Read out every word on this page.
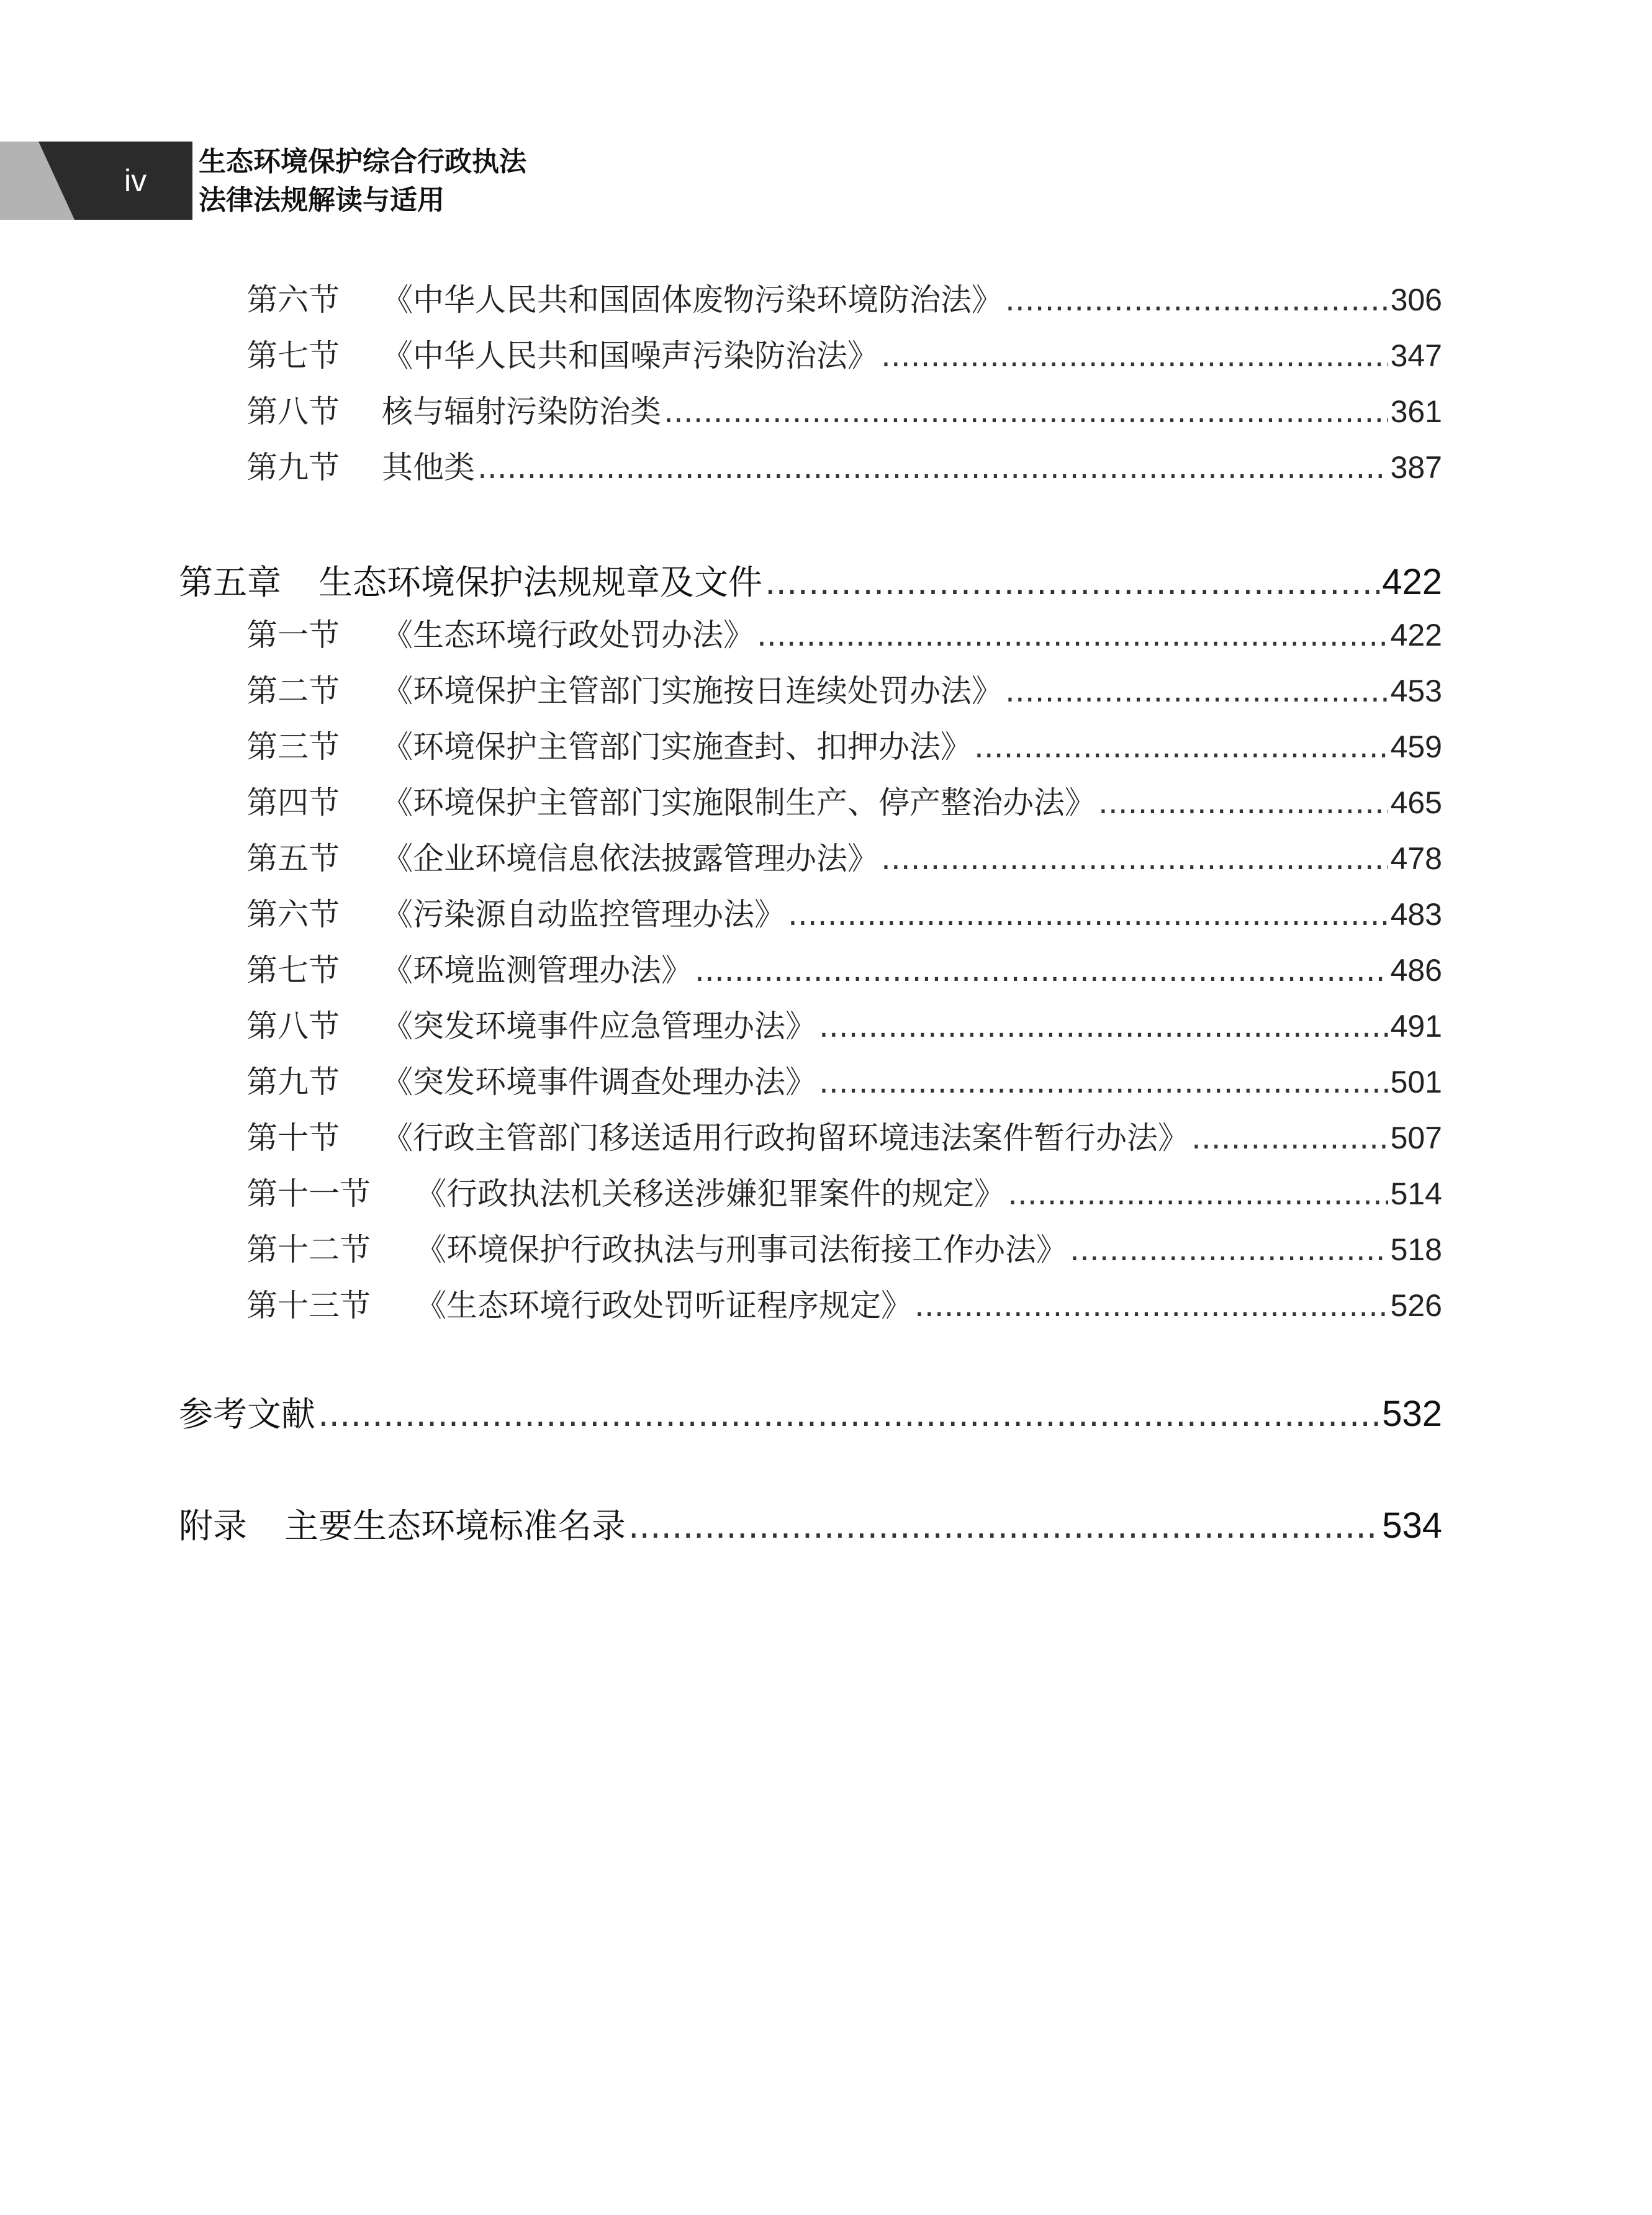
iv
生态环境保护综合行政执法
法律法规解读与适用
第六节	《中华人民共和国固体废物污染环境防治法》 .....	306
第七节	《中华人民共和国噪声污染防治法》 .....	347
第八节	核与辐射污染防治类 .....	361
第九节	其他类 .....	387
第五章 生态环境保护法规规章及文件 .....	422
第一节	《生态环境行政处罚办法》 .....	422
第二节	《环境保护主管部门实施按日连续处罚办法》 .....	453
第三节	《环境保护主管部门实施查封、扣押办法》 .....	459
第四节	《环境保护主管部门实施限制生产、停产整治办法》 .....	465
第五节	《企业环境信息依法披露管理办法》 .....	478
第六节	《污染源自动监控管理办法》 .....	483
第七节	《环境监测管理办法》 .....	486
第八节	《突发环境事件应急管理办法》 .....	491
第九节	《突发环境事件调查处理办法》 .....	501
第十节	《行政主管部门移送适用行政拘留环境违法案件暂行办法》 .....	507
第十一节	《行政执法机关移送涉嫌犯罪案件的规定》 .....	514
第十二节	《环境保护行政执法与刑事司法衔接工作办法》 .....	518
第十三节	《生态环境行政处罚听证程序规定》 .....	526
参考文献 .....	532
附录 主要生态环境标准名录 .....	534
